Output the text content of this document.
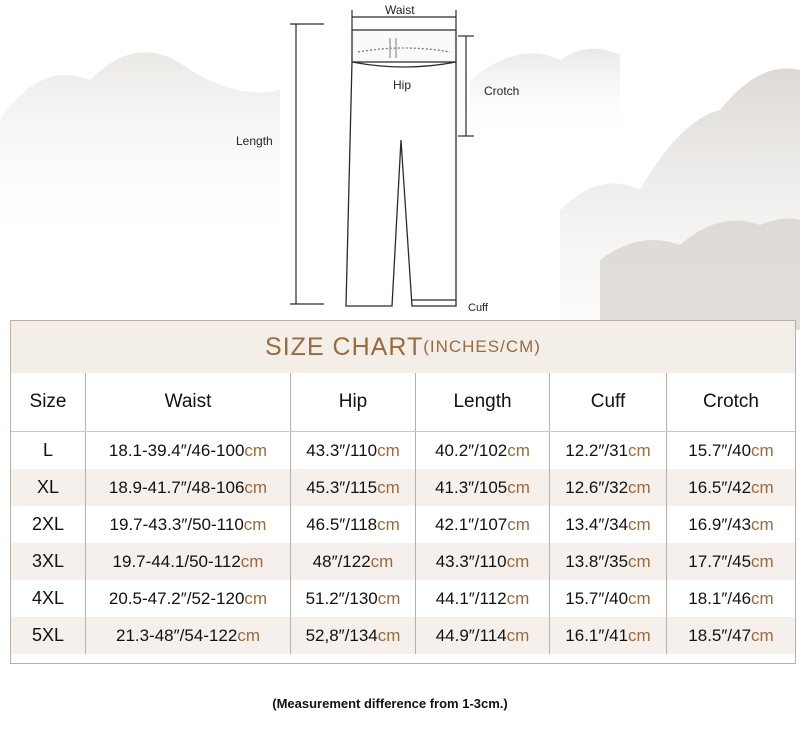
Waist
Hip	Crotch
Length
Cuff
SIZE CHART (INCHES/CM)
Size	Waist	Hip	Length	Cuff	Crotch
L	18.1-39.4″/46-100 cm 43.3″/110 cm 40.2″/102 cm 12.2″/31 cm 15.7″/40 cm
XL	18.9-41.7″/48-106 cm 45.3″/115 cm 41.3″/105 cm 12.6″/32 cm 16.5″/42 cm
2XL	19.7-43.3″/50-110 cm 46.5″/118 cm 42.1″/107 cm 13.4″/34 cm 16.9″/43 cm
3XL	19.7-44.1/50-112 cm	48″/122 cm 43.3″/110 cm 13.8″/35 cm 17.7″/45 cm
4XL	20.5-47.2″/52-120 cm 51.2″/130 cm 44.1″/112 cm 15.7″/40 cm 18.1″/46 cm
5XL	21.3-48″/54-122 cm	52,8″/134 cm 44.9″/114 cm 16.1″/41 cm 18.5″/47 cm
(Measurement difference from 1-3cm.)
